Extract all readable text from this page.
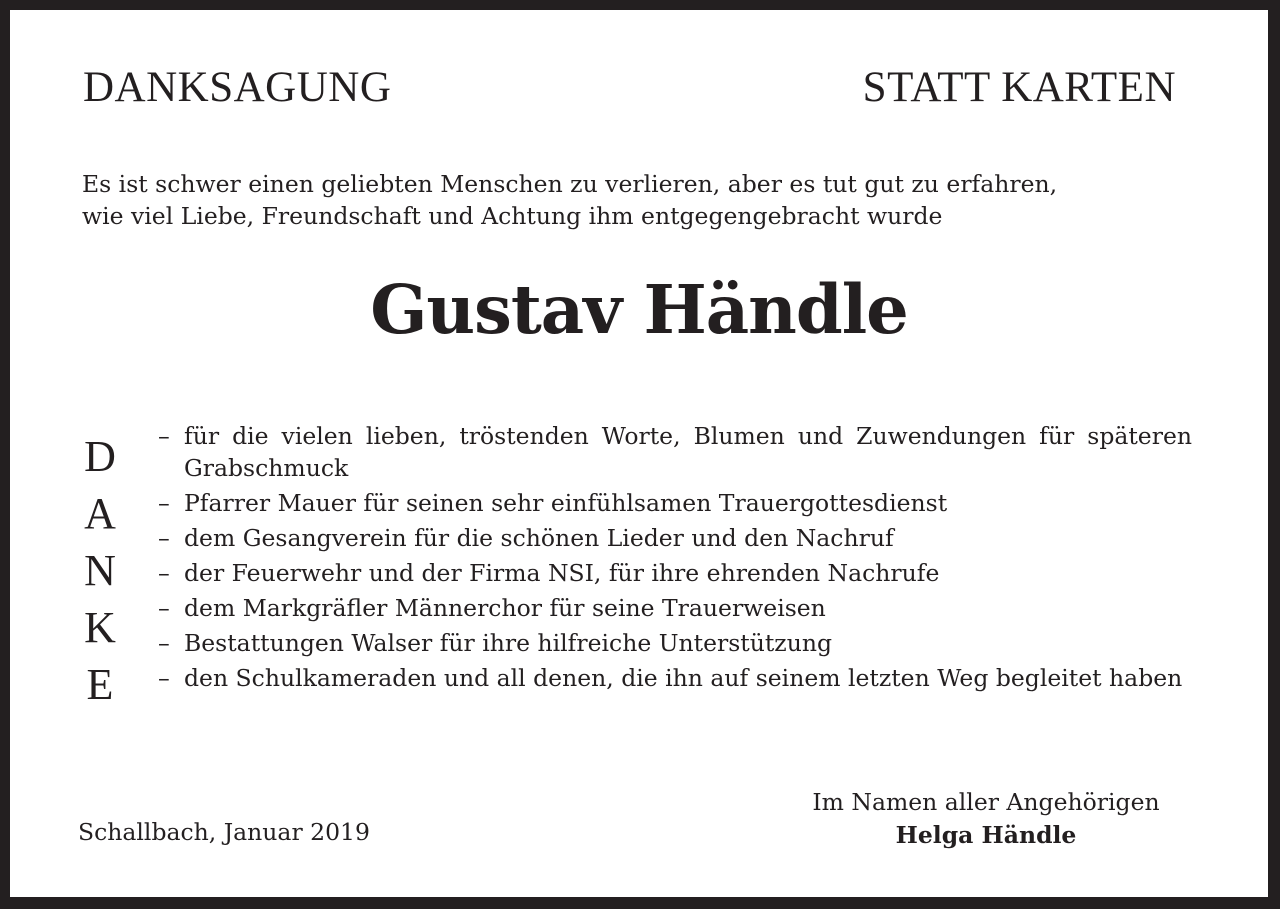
DANKSAGUNG	STATT KARTEN
Es ist schwer einen geliebten Menschen zu verlieren, aber es tut gut zu erfahren,
wie viel Liebe, Freundschaft und Achtung ihm entgegengebracht wurde
Gustav Händle
D
A
N
K
E
– für die vielen lieben, tröstenden Worte, Blumen und Zuwendungen für späteren Grabschmuck
– Pfarrer Mauer für seinen sehr einfühlsamen Trauergottesdienst
– dem Gesangverein für die schönen Lieder und den Nachruf
– der Feuerwehr und der Firma NSI, für ihre ehrenden Nachrufe
– dem Markgräfler Männerchor für seine Trauerweisen
– Bestattungen Walser für ihre hilfreiche Unterstützung
– den Schulkameraden und all denen, die ihn auf seinem letzten Weg begleitet haben
Schallbach, Januar 2019
Im Namen aller Angehörigen
Helga Händle
